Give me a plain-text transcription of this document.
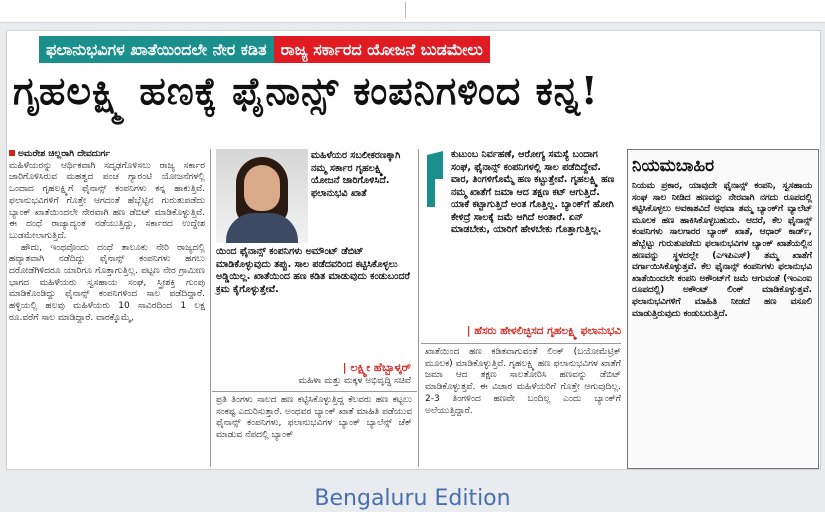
ಫಲಾನುಭವಿಗಳ ಖಾತೆಯಿಂದಲೇ ನೇರ ಕಡಿತ ರಾಜ್ಯ ಸರ್ಕಾರದ ಯೋಜನೆ ಬುಡಮೇಲು
ಗೃಹಲಕ್ಷ್ಮಿ ಹಣಕ್ಕೆ ಫೈನಾನ್ಸ್ ಕಂಪನಿಗಳಿಂದ ಕನ್ನ!
ಅಮರೇಶ ಚಿಲ್ಲರಾಗಿ ದೇವದುರ್ಗ
ಮಹಿಳೆಯರನ್ನು ಆರ್ಥಿಕವಾಗಿ ಸದೃಢಗೊಳಿಸಲು ರಾಜ್ಯ ಸರ್ಕಾರ ಜಾರಿಗೊಳಿಸಿರುವ ಮಹತ್ವದ ಪಂಚ ಗ್ಯಾರಂಟಿ ಯೋಜನೆಗಳಲ್ಲಿ ಒಂದಾದ ಗೃಹಲಕ್ಷ್ಮಿಗೆ ಫೈನಾನ್ಸ್ ಕಂಪನಿಗಳು ಕನ್ನ ಹಾಕುತ್ತಿವೆ. ಫಲಾನುಭವಿಗಳಿಗೆ ಗೊತ್ತೇ ಆಗದಂತೆ ಹೆಬ್ಬೆಟ್ಟಿನ ಗುರುತುಪಡೆದು ಬ್ಯಾಂಕ್ ಖಾತೆಯಿಂದಲೇ ನೇರವಾಗಿ ಹಣ ಡೆಬಿಟ್ ಮಾಡಿಕೊಳ್ಳುತ್ತಿವೆ. ಈ ದಂಧೆ ರಾಜ್ಯಾದ್ಯಂತ ನಡೆಯುತ್ತಿದ್ದು, ಸರ್ಕಾರದ ಉದ್ದೇಶ ಬುಡಮೇಲಾಗುತ್ತಿದೆ.
ಹೌದು, ಇಂಥವೊಂದು ದಂಧೆ ತಾಲೂಕು ನೇರಿ ರಾಜ್ಯದಲ್ಲಿ ಹವ್ಯಾತವಾಗಿ ನಡೆದಿದ್ದು ಫೈನಾನ್ಸ್ ಕಂಪನಿಗಳು ಹಗಲು ದರೋಡೆಗಿಳಿದರೂ ಯಾರಿಗೂ ಗೊತ್ತಾಗುತ್ತಿಲ್ಲ. ಪಟ್ಟಣ ನೇರ ಗ್ರಾಮೀಣ ಭಾಗದ ಮಹಿಳೆಯರು ಸ್ವಸಹಾಯ ಸಂಘ, ಸ್ತ್ರೀಶಕ್ತಿ ಗುಂಪು ಮಾಡಿಕೊಂಡಿದ್ದು ಫೈನಾನ್ಸ್ ಕಂಪನಿಗಳಿಂದ ಸಾಲ ಪಡೆದಿದ್ದಾರೆ. ಹಳ್ಳಿಯಲ್ಲಿ ಹಲವು ಮಹಿಳೆಯರು 10 ಸಾವಿರದಿಂದ 1 ಲಕ್ಷ ರೂ.ವರೆಗೆ ಸಾಲ ಮಾಡಿದ್ದಾರೆ. ವಾರಕ್ಕೊಮ್ಮೆ,
ಮಹಿಳೆಯರ ಸಬಲೀಕರಣಕ್ಕಾಗಿ ನಮ್ಮ ಸರ್ಕಾರ ಗೃಹಲಕ್ಷ್ಮಿ ಯೋಜನೆ ಜಾರಿಗೊಳಿಸಿದೆ. ಫಲಾನುಭವಿ ಖಾತೆ
ಯಿಂದ ಫೈನಾನ್ಸ್ ಕಂಪನಿಗಳು ಅಮೌಂಟ್ ಡೆಬಿಟ್ ಮಾಡಿಕೊಳ್ಳುವುದು ತಪ್ಪು. ಸಾಲ ಪಡೆದವರಿಂದ ಕಟ್ಟಿಸಿಕೊಳ್ಳಲು ಅಡ್ಡಿಯಿಲ್ಲ. ಖಾತೆಯಿಂದ ಹಣ ಕಡಿತ ಮಾಡುವುದು ಕಂಡುಬಂದರೆ ಕ್ರಮ ಕೈಗೊಳ್ಳುತ್ತೇವೆ.
| ಲಕ್ಷ್ಮೀ ಹೆಬ್ಬಾಳ್ಕರ್
ಮಹಿಳಾ ಮತ್ತು ಮಕ್ಕಳ ಅಭಿವೃದ್ಧಿ ಸಚಿವೆ
ಪ್ರತಿ ತಿಂಗಳು ಸಾಲದ ಹಣ ಕಟ್ಟಿಸಿಕೊಳ್ಳುತ್ತಿದ್ದ ಕೆಲವರು ಹಣ ಕಟ್ಟಲು ಸಂಕಷ್ಟ ಎದುರಿಸುತ್ತಾರೆ. ಅಂಥವರ ಬ್ಯಾಂಕ್ ಖಾತೆ ಮಾಹಿತಿ ಪಡೆಯುವ ಫೈನಾನ್ಸ್ ಕಂಪನಿಗಳು, ಫಲಾನುಭವಿಗಳ ಬ್ಯಾಂಕ್ ಬ್ಯಾಲೆನ್ಸ್ ಚೆಕ್ ಮಾಡುವ ನೆಪದಲ್ಲಿ ಬ್ಯಾಂಕ್
ಕುಟುಂಬ ನಿರ್ವಹಣೆ, ಆರೋಗ್ಯ ಸಮಸ್ಯೆ ಬಂದಾಗ ಸಂಘ, ಫೈನಾನ್ಸ್ ಕಂಪನಿಗಳಲ್ಲಿ ಸಾಲ ಪಡೆದಿದ್ದೇವೆ. ವಾರ, ತಿಂಗಳಿಗೊಮ್ಮೆ ಹಣ ಕಟ್ಟುತ್ತೇವೆ. ಗೃಹಲಕ್ಷ್ಮಿ ಹಣ ನಮ್ಮ ಖಾತೆಗೆ ಜಮಾ ಆದ ತಕ್ಷಣ ಕಟ್ ಆಗುತ್ತಿದೆ. ಯಾಕೆ ಕಟ್ಟಾಗುತ್ತಿದೆ ಅಂತ ಗೊತ್ತಿಲ್ಲ. ಬ್ಯಾಂಕ್‌ಗೆ ಹೋಗಿ ಕೇಳಿದ್ರೆ ಸಾಲಕ್ಕೆ ಜಮೆ ಆಗಿದೆ ಅಂತಾರೆ. ಏನ್ ಮಾಡಬೇಕು, ಯಾರಿಗೆ ಹೇಳಬೇಕು ಗೊತ್ತಾಗುತ್ತಿಲ್ಲ.
| ಹೆಸರು ಹೇಳಲಿಚ್ಛಿಸದ ಗೃಹಲಕ್ಷ್ಮಿ ಫಲಾನುಭವಿ
ಖಾತೆಯಿಂದ ಹಣ ಕಡಿತವಾಗುವಂತೆ ಲಿಂಕ್ (ಬಯೋಮೆಟ್ರಿಕ್ ಮೂಲಕ) ಮಾಡಿಕೊಳ್ಳುತ್ತಿವೆ. ಗೃಹಲಕ್ಷ್ಮಿ ಹಣ ಫಲಾನುಭವಿಗಳ ಖಾತೆಗೆ ಜಮಾ ಆದ ತಕ್ಷಣ ಸಾಲತೋರಿಸಿ ಹಣವನ್ನು ಡೆಬಿಟ್ ಮಾಡಿಕೊಳ್ಳುತ್ತವೆ. ಈ ವಿಚಾರ ಮಹಿಳೆಯರಿಗೆ ಗೊತ್ತೇ ಆಗುವುದಿಲ್ಲ. 2-3 ತಿಂಗಳಿಂದ ಹಣವೇ ಬಂದಿಲ್ಲ ಎಂದು ಬ್ಯಾಂಕ್‌ಗೆ ಅಲೆಯುತ್ತಿದ್ದಾರೆ.
ನಿಯಮಬಾಹಿರ
ನಿಯಮ ಪ್ರಕಾರ, ಯಾವುದೇ ಫೈನಾನ್ಸ್ ಕಂಪನಿ, ಸ್ವಸಹಾಯ ಸಂಘ ಸಾಲ ನೀಡಿದ ಹಣವನ್ನು ನೇರವಾಗಿ ನಗದು ರೂಪದಲ್ಲಿ ಕಟ್ಟಿಸಿಕೊಳ್ಳಲು ಅವಕಾಶವಿದೆ ಅಥವಾ ತಮ್ಮ ಬ್ಯಾಂಕ್‌ಗೆ ವ್ಯಾಲೆಟ್ ಮೂಲಕ ಹಣ ಹಾಕಿಸಿಕೊಳ್ಳಬಹುದು. ಆದರೆ, ಕೆಲ ಫೈನಾನ್ಸ್ ಕಂಪನಿಗಳು ಸಾಲಗಾರರ ಬ್ಯಾಂಕ್ ಖಾತೆ, ಆಧಾರ್ ಕಾರ್ಡ್, ಹೆಬ್ಬೆಟ್ಟು ಗುರುತುಪಡೆದು ಫಲಾನುಭವಿಗಳ ಬ್ಯಾಂಕ್ ಖಾತೆಯಲ್ಲಿನ ಹಣವನ್ನು ಸ್ಥಳದಲ್ಲೇ (ಎಇಪಿಎಸ್) ತಮ್ಮ ಖಾತೆಗೆ ವರ್ಗಾಯಿಸಿಕೊಳ್ಳುತ್ತವೆ. ಕೆಲ ಫೈನಾನ್ಸ್ ಕಂಪನಿಗಳು ಫಲಾನುಭವಿ ಖಾತೆಯಿಂದಲೇ ಕಂಪನಿ ಅಕೌಂಟ್‌ಗೆ ಜಮೆ ಆಗುವಂತೆ (ಇಂಎಂಐ ರೂಪದಲ್ಲಿ) ಅಕೌಂಟ್ ಲಿಂಕ್ ಮಾಡಿಕೊಳ್ಳುತ್ತವೆ. ಫಲಾನುಭವಿಗಳಿಗೆ ಮಾಹಿತಿ ನೀಡದೆ ಹಣ ವಸೂಲಿ ಮಾಡುತ್ತಿರುವುದು ಕಂಡುಬರುತ್ತಿದೆ.
Bengaluru Edition
